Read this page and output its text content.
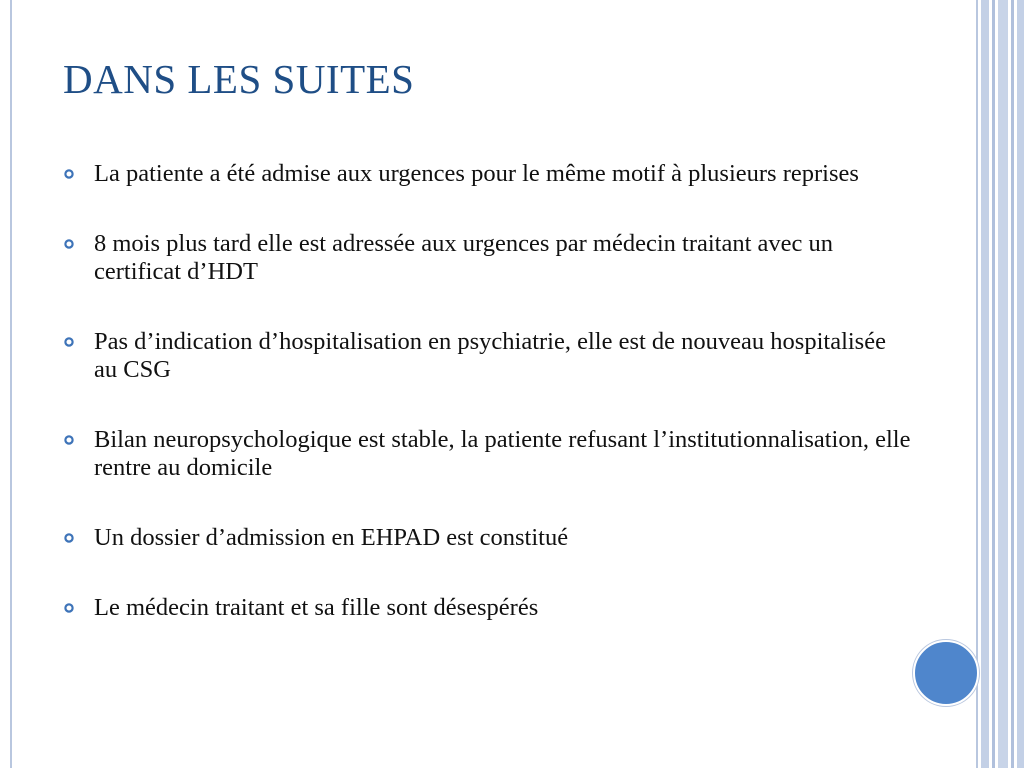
DANS LES SUITES
La patiente a été admise aux urgences pour le même motif à plusieurs reprises
8 mois plus tard elle est adressée aux urgences par médecin traitant avec un certificat d’HDT
Pas d’indication d’hospitalisation en psychiatrie, elle est de nouveau hospitalisée au CSG
Bilan neuropsychologique est stable, la patiente refusant l’institutionnalisation, elle rentre au domicile
Un dossier d’admission en EHPAD est constitué
Le médecin traitant et sa fille sont désespérés
